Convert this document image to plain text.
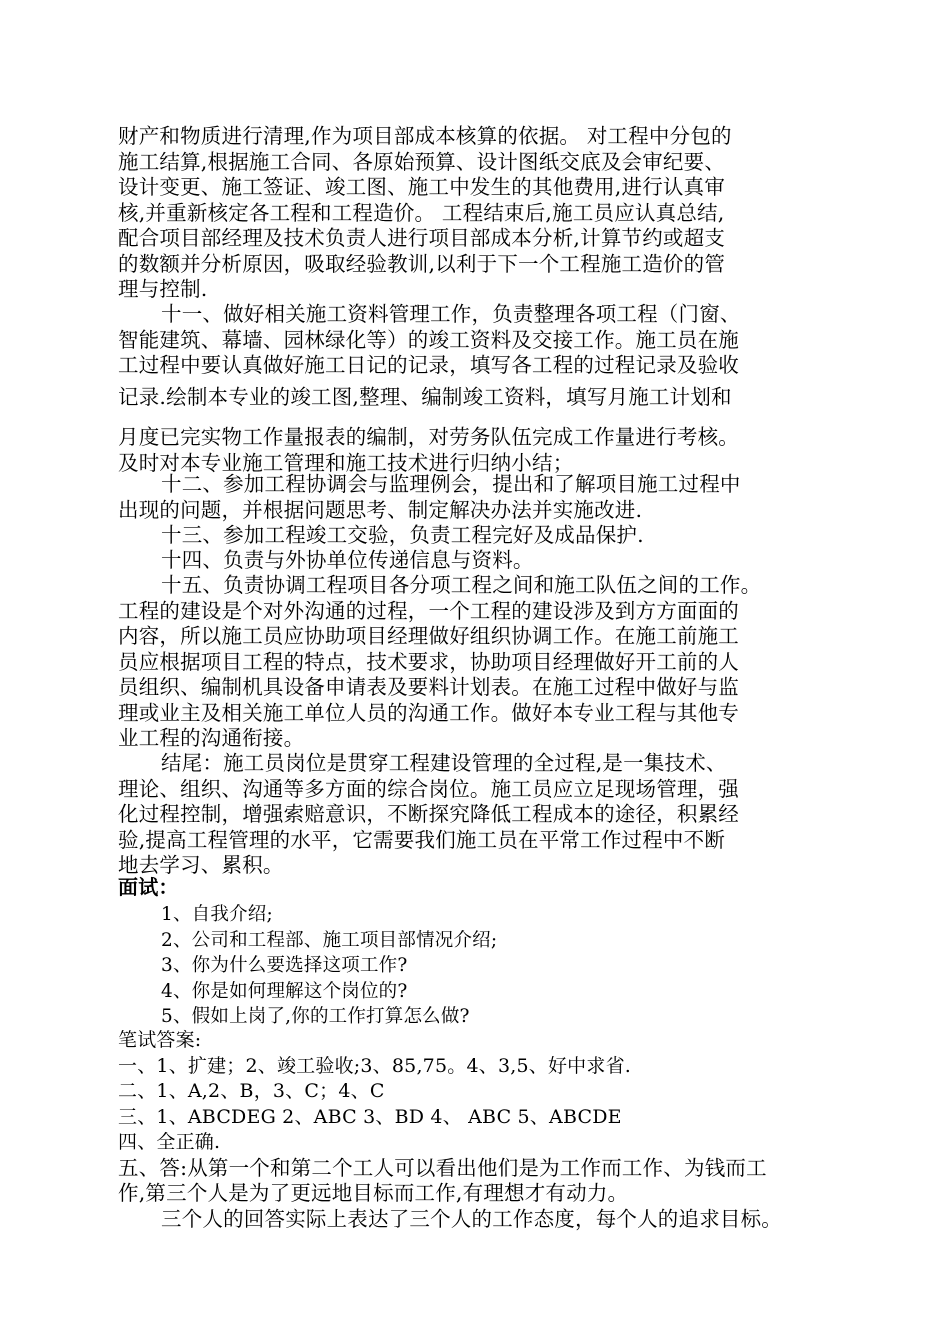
财产和物质进行清理,作为项目部成本核算的依据。 对工程中分包的
施工结算,根据施工合同、各原始预算、设计图纸交底及会审纪要、
设计变更、施工签证、竣工图、施工中发生的其他费用,进行认真审
核,并重新核定各工程和工程造价。 工程结束后,施工员应认真总结,
配合项目部经理及技术负责人进行项目部成本分析,计算节约或超支
的数额并分析原因，吸取经验教训,以利于下一个工程施工造价的管
理与控制.
十一、做好相关施工资料管理工作，负责整理各项工程（门窗、
智能建筑、幕墙、园林绿化等）的竣工资料及交接工作。施工员在施
工过程中要认真做好施工日记的记录，填写各工程的过程记录及验收
记录.绘制本专业的竣工图,整理、编制竣工资料，填写月施工计划和
月度已完实物工作量报表的编制，对劳务队伍完成工作量进行考核。
及时对本专业施工管理和施工技术进行归纳小结；
十二、参加工程协调会与监理例会，提出和了解项目施工过程中
出现的问题，并根据问题思考、制定解决办法并实施改进.
十三、参加工程竣工交验，负责工程完好及成品保护.
十四、负责与外协单位传递信息与资料。
十五、负责协调工程项目各分项工程之间和施工队伍之间的工作。
工程的建设是个对外沟通的过程，一个工程的建设涉及到方方面面的
内容，所以施工员应协助项目经理做好组织协调工作。在施工前施工
员应根据项目工程的特点，技术要求，协助项目经理做好开工前的人
员组织、编制机具设备申请表及要料计划表。在施工过程中做好与监
理或业主及相关施工单位人员的沟通工作。做好本专业工程与其他专
业工程的沟通衔接。
结尾：施工员岗位是贯穿工程建设管理的全过程,是一集技术、
理论、组织、沟通等多方面的综合岗位。施工员应立足现场管理，强
化过程控制，增强索赔意识，不断探究降低工程成本的途径，积累经
验,提高工程管理的水平，它需要我们施工员在平常工作过程中不断
地去学习、累积。
面试：
1、自我介绍;
2、公司和工程部、施工项目部情况介绍;
3、你为什么要选择这项工作?
4、你是如何理解这个岗位的?
5、假如上岗了,你的工作打算怎么做?
笔试答案:
一、1、扩建；2、竣工验收;3、85,75。4、3,5、好中求省.
二、1、A,2、B，3、C；4、C
三、1、ABCDEG 2、ABC 3、BD 4、 ABC 5、ABCDE
四、全正确.
五、答:从第一个和第二个工人可以看出他们是为工作而工作、为钱而工
作,第三个人是为了更远地目标而工作,有理想才有动力。
三个人的回答实际上表达了三个人的工作态度，每个人的追求目标。
